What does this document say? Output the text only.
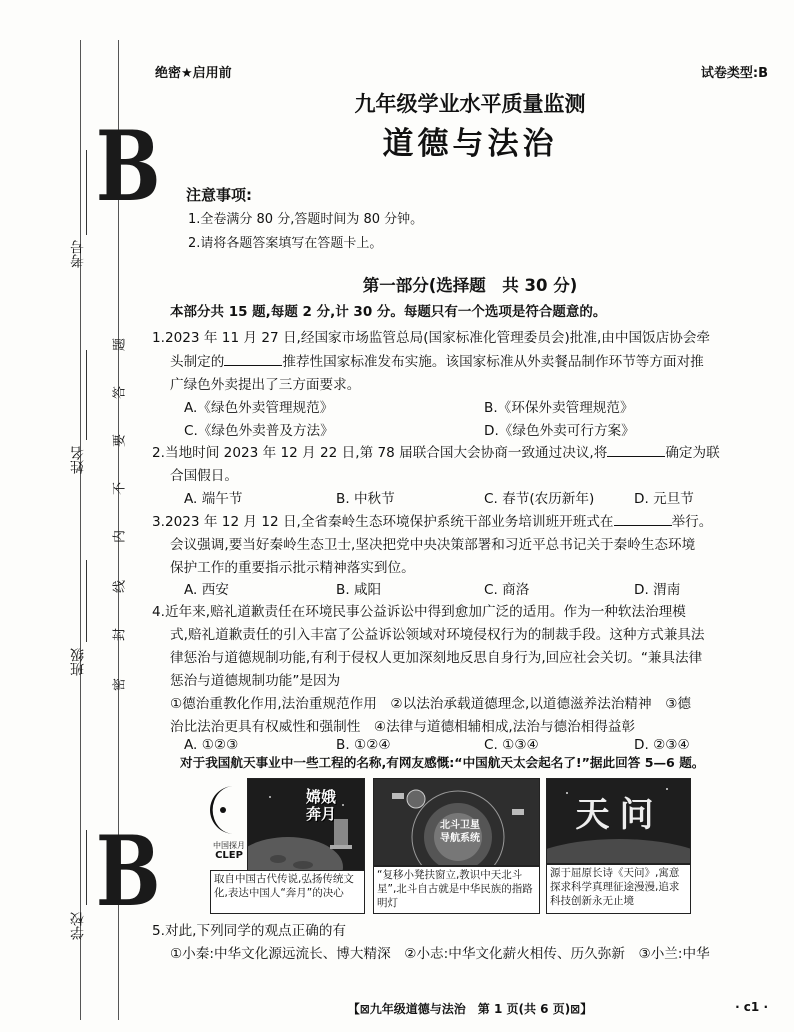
B
B
考号
姓名
班级
学校
题
答
要
不
内
线
封
密
绝密★启用前	试卷类型:B
九年级学业水平质量监测
道德与法治
注意事项:
1.全卷满分 80 分,答题时间为 80 分钟。
2.请将各题答案填写在答题卡上。
第一部分(选择题　共 30 分)
本部分共 15 题,每题 2 分,计 30 分。每题只有一个选项是符合题意的。
1.2023 年 11 月 27 日,经国家市场监管总局(国家标准化管理委员会)批准,由中国饭店协会牵
头制定的	推荐性国家标准发布实施。该国家标准从外卖餐品制作环节等方面对推
广绿色外卖提出了三方面要求。
A.《绿色外卖管理规范》	B.《环保外卖管理规范》
C.《绿色外卖普及方法》	D.《绿色外卖可行方案》
2.当地时间 2023 年 12 月 22 日,第 78 届联合国大会协商一致通过决议,将	确定为联
合国假日。
A. 端午节	B. 中秋节	C. 春节(农历新年)	D. 元旦节
3.2023 年 12 月 12 日,全省秦岭生态环境保护系统干部业务培训班开班式在	举行。
会议强调,要当好秦岭生态卫士,坚决把党中央决策部署和习近平总书记关于秦岭生态环境
保护工作的重要指示批示精神落实到位。
A. 西安	B. 咸阳	C. 商洛	D. 渭南
4.近年来,赔礼道歉责任在环境民事公益诉讼中得到愈加广泛的适用。作为一种软法治理模
式,赔礼道歉责任的引入丰富了公益诉讼领域对环境侵权行为的制裁手段。这种方式兼具法
律惩治与道德规制功能,有利于侵权人更加深刻地反思自身行为,回应社会关切。“兼具法律
惩治与道德规制功能”是因为
①德治重教化作用,法治重规范作用　②以法治承载道德理念,以道德滋养法治精神　③德
治比法治更具有权威性和强制性　④法律与道德相辅相成,法治与德治相得益彰
A. ①②③	B. ①②④	C. ①③④	D. ②③④
对于我国航天事业中一些工程的名称,有网友感慨:“中国航天太会起名了!”据此回答 5—6 题。
中国探月
CLEP
嫦娥
奔月
北斗卫星
导航系统
天问
取自中国古代传说,弘扬传统文化,表达中国人“奔月”的决心
“复移小凳扶窗立,教识中天北斗星”,北斗自古就是中华民族的指路明灯
源于屈原长诗《天问》,寓意探求科学真理征途漫漫,追求科技创新永无止境
5.对此,下列同学的观点正确的有
①小秦:中华文化源远流长、博大精深　②小志:中华文化薪火相传、历久弥新　③小兰:中华
【⊠九年级道德与法治　第 1 页(共 6 页)⊠】	· c1 ·
